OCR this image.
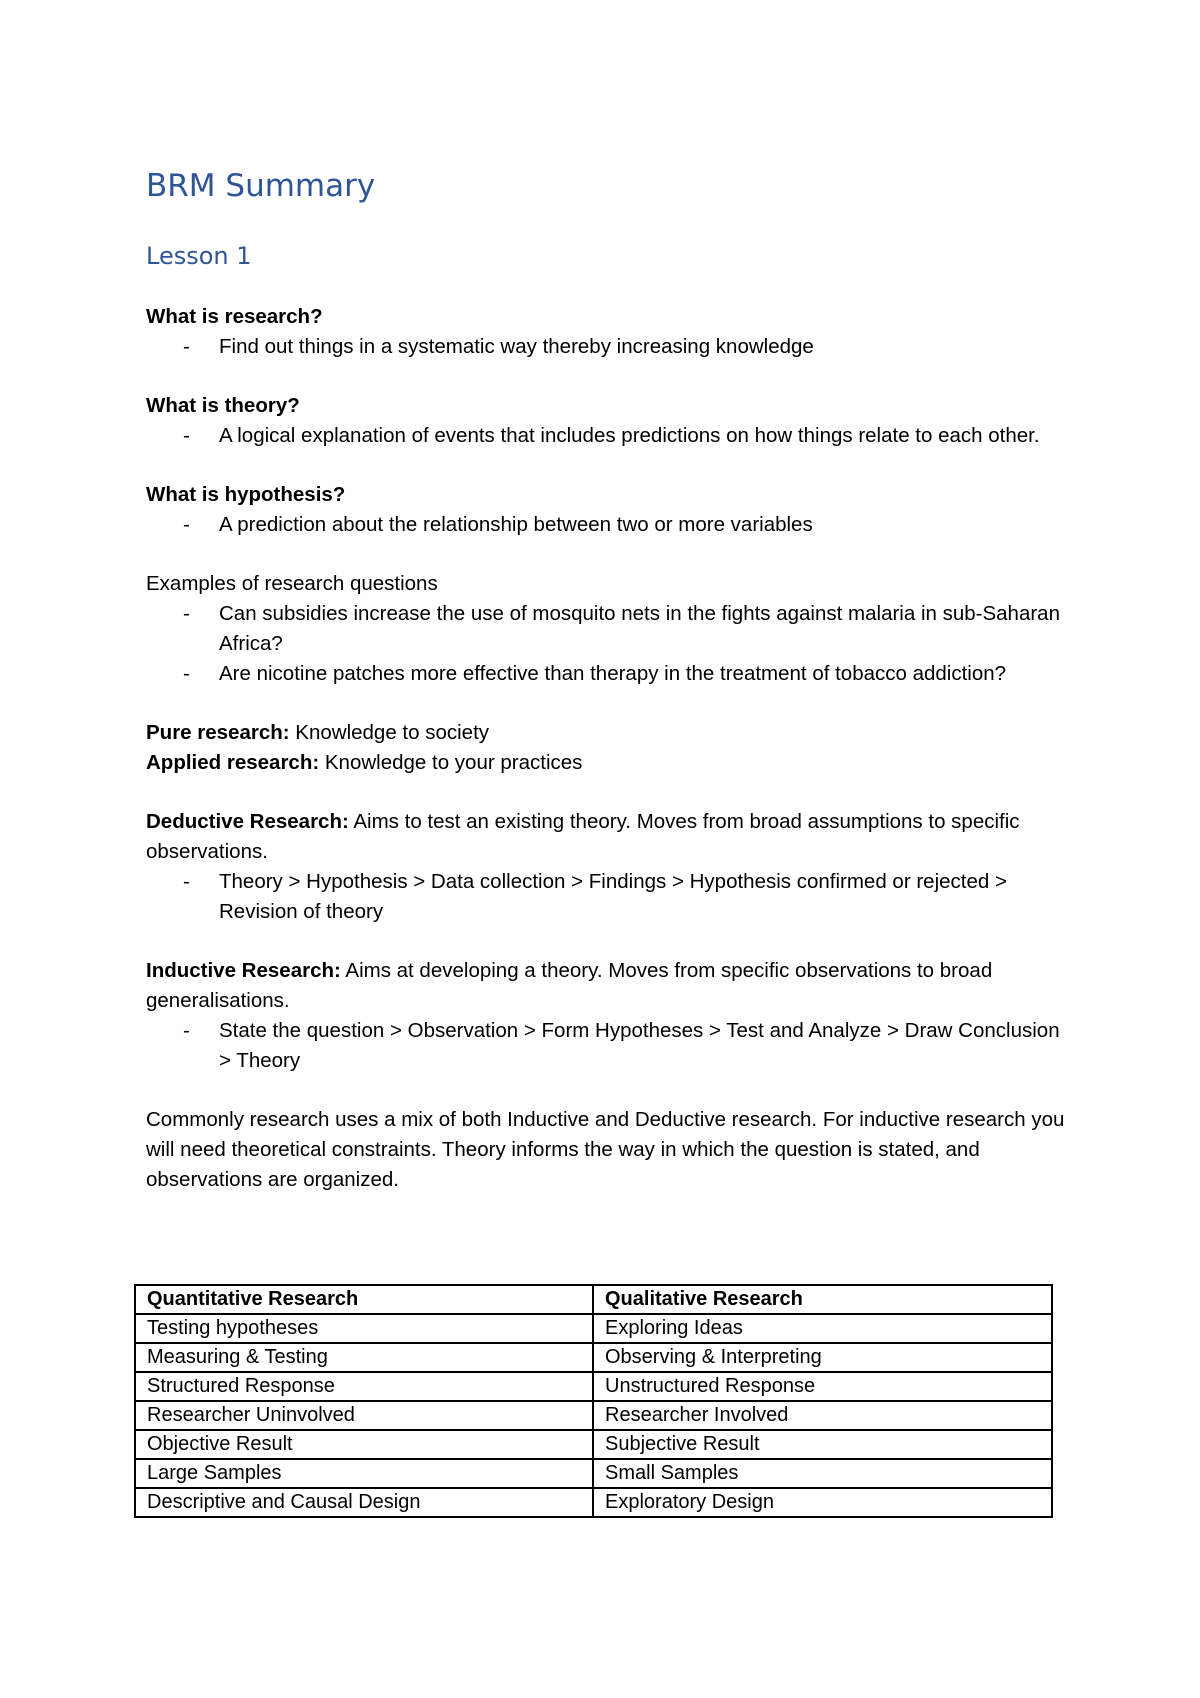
BRM Summary
Lesson 1

What is research?

- Find out things in a systematic way thereby increasing knowledge

What is theory?

- A logical explanation of events that includes predictions on how things relate to each other.

What is hypothesis?

- A prediction about the relationship between two or more variables

Examples of research questions

- Can subsidies increase the use of mosquito nets in the fights against malaria in sub-Saharan Africa?
- Are nicotine patches more effective than therapy in the treatment of tobacco addiction?

Pure research: Knowledge to society

Applied research: Knowledge to your practices

Deductive Research: Aims to test an existing theory. Moves from broad assumptions to specific observations.

- Theory > Hypothesis > Data collection > Findings > Hypothesis confirmed or rejected > Revision of theory

Inductive Research: Aims at developing a theory. Moves from specific observations to broad generalisations.

- State the question > Observation > Form Hypotheses > Test and Analyze > Draw Conclusion > Theory

Commonly research uses a mix of both Inductive and Deductive research. For inductive research you will need theoretical constraints. Theory informs the way in which the question is stated, and observations are organized.

Quantitative Research	Qualitative Research
Testing hypotheses	Exploring Ideas
Measuring & Testing	Observing & Interpreting
Structured Response	Unstructured Response
Researcher Uninvolved	Researcher Involved
Objective Result	Subjective Result
Large Samples	Small Samples
Descriptive and Causal Design	Exploratory Design
